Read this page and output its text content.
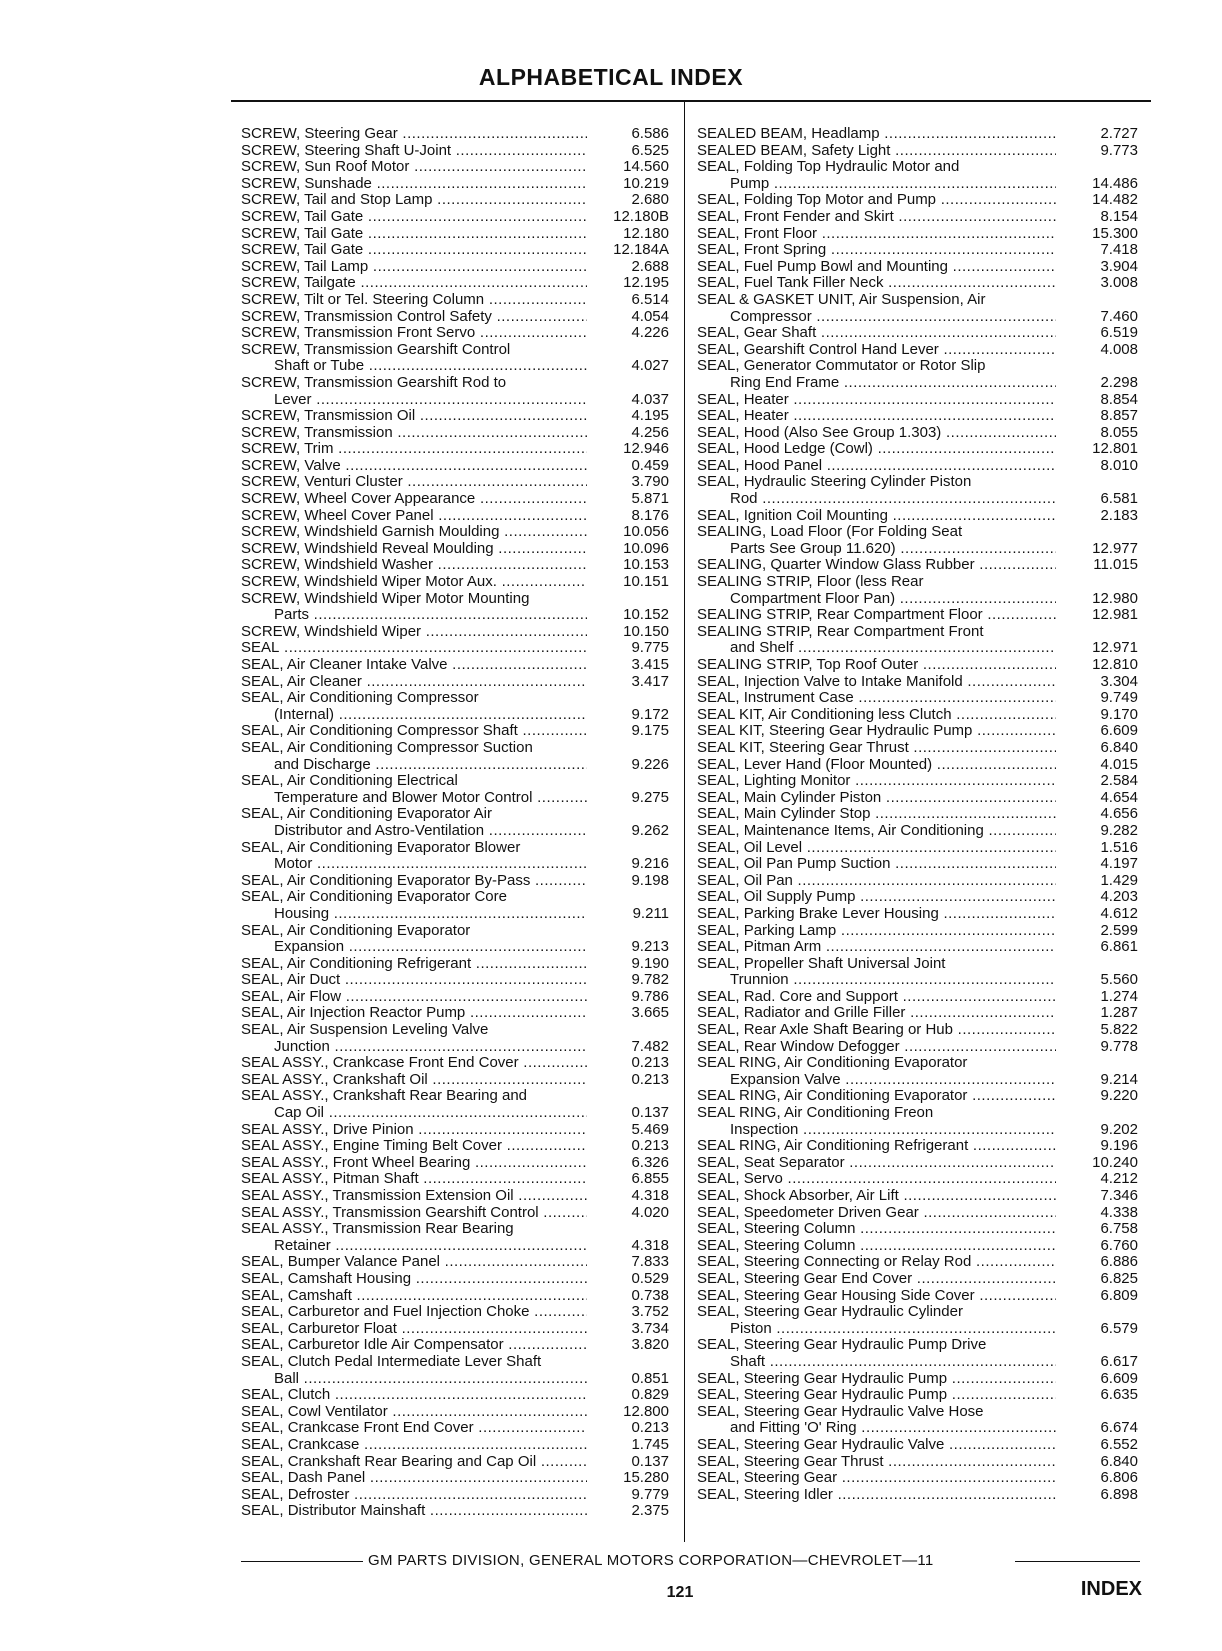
ALPHABETICAL INDEX
SCREW, Steering Gear .....	6.586
SCREW, Steering Shaft U-Joint .....	6.525
SCREW, Sun Roof Motor .....	14.560
SCREW, Sunshade .....	10.219
SCREW, Tail and Stop Lamp .....	2.680
SCREW, Tail Gate .....	12.180B
SCREW, Tail Gate .....	12.180
SCREW, Tail Gate .....	12.184A
SCREW, Tail Lamp .....	2.688
SCREW, Tailgate .....	12.195
SCREW, Tilt or Tel. Steering Column .....	6.514
SCREW, Transmission Control Safety .....	4.054
SCREW, Transmission Front Servo .....	4.226
SCREW, Transmission Gearshift Control
Shaft or Tube .....	4.027
SCREW, Transmission Gearshift Rod to
Lever .....	4.037
SCREW, Transmission Oil .....	4.195
SCREW, Transmission .....	4.256
SCREW, Trim .....	12.946
SCREW, Valve .....	0.459
SCREW, Venturi Cluster .....	3.790
SCREW, Wheel Cover Appearance .....	5.871
SCREW, Wheel Cover Panel .....	8.176
SCREW, Windshield Garnish Moulding .....	10.056
SCREW, Windshield Reveal Moulding .....	10.096
SCREW, Windshield Washer .....	10.153
SCREW, Windshield Wiper Motor Aux. .....	10.151
SCREW, Windshield Wiper Motor Mounting
Parts .....	10.152
SCREW, Windshield Wiper .....	10.150
SEAL .....	9.775
SEAL, Air Cleaner Intake Valve .....	3.415
SEAL, Air Cleaner .....	3.417
SEAL, Air Conditioning Compressor
(Internal) .....	9.172
SEAL, Air Conditioning Compressor Shaft .....	9.175
SEAL, Air Conditioning Compressor Suction
and Discharge .....	9.226
SEAL, Air Conditioning Electrical
Temperature and Blower Motor Control .....	9.275
SEAL, Air Conditioning Evaporator Air
Distributor and Astro-Ventilation .....	9.262
SEAL, Air Conditioning Evaporator Blower
Motor .....	9.216
SEAL, Air Conditioning Evaporator By-Pass .....	9.198
SEAL, Air Conditioning Evaporator Core
Housing .....	9.211
SEAL, Air Conditioning Evaporator
Expansion .....	9.213
SEAL, Air Conditioning Refrigerant .....	9.190
SEAL, Air Duct .....	9.782
SEAL, Air Flow .....	9.786
SEAL, Air Injection Reactor Pump .....	3.665
SEAL, Air Suspension Leveling Valve
Junction .....	7.482
SEAL ASSY., Crankcase Front End Cover .....	0.213
SEAL ASSY., Crankshaft Oil .....	0.213
SEAL ASSY., Crankshaft Rear Bearing and
Cap Oil .....	0.137
SEAL ASSY., Drive Pinion .....	5.469
SEAL ASSY., Engine Timing Belt Cover .....	0.213
SEAL ASSY., Front Wheel Bearing .....	6.326
SEAL ASSY., Pitman Shaft .....	6.855
SEAL ASSY., Transmission Extension Oil .....	4.318
SEAL ASSY., Transmission Gearshift Control .....	4.020
SEAL ASSY., Transmission Rear Bearing
Retainer .....	4.318
SEAL, Bumper Valance Panel .....	7.833
SEAL, Camshaft Housing .....	0.529
SEAL, Camshaft .....	0.738
SEAL, Carburetor and Fuel Injection Choke .....	3.752
SEAL, Carburetor Float .....	3.734
SEAL, Carburetor Idle Air Compensator .....	3.820
SEAL, Clutch Pedal Intermediate Lever Shaft
Ball .....	0.851
SEAL, Clutch .....	0.829
SEAL, Cowl Ventilator .....	12.800
SEAL, Crankcase Front End Cover .....	0.213
SEAL, Crankcase .....	1.745
SEAL, Crankshaft Rear Bearing and Cap Oil .....	0.137
SEAL, Dash Panel .....	15.280
SEAL, Defroster .....	9.779
SEAL, Distributor Mainshaft .....	2.375
SEALED BEAM, Headlamp .....	2.727
SEALED BEAM, Safety Light .....	9.773
SEAL, Folding Top Hydraulic Motor and
Pump .....	14.486
SEAL, Folding Top Motor and Pump .....	14.482
SEAL, Front Fender and Skirt .....	8.154
SEAL, Front Floor .....	15.300
SEAL, Front Spring .....	7.418
SEAL, Fuel Pump Bowl and Mounting .....	3.904
SEAL, Fuel Tank Filler Neck .....	3.008
SEAL & GASKET UNIT, Air Suspension, Air
Compressor .....	7.460
SEAL, Gear Shaft .....	6.519
SEAL, Gearshift Control Hand Lever .....	4.008
SEAL, Generator Commutator or Rotor Slip
Ring End Frame .....	2.298
SEAL, Heater .....	8.854
SEAL, Heater .....	8.857
SEAL, Hood (Also See Group 1.303) .....	8.055
SEAL, Hood Ledge (Cowl) .....	12.801
SEAL, Hood Panel .....	8.010
SEAL, Hydraulic Steering Cylinder Piston
Rod .....	6.581
SEAL, Ignition Coil Mounting .....	2.183
SEALING, Load Floor (For Folding Seat
Parts See Group 11.620) .....	12.977
SEALING, Quarter Window Glass Rubber .....	11.015
SEALING STRIP, Floor (less Rear
Compartment Floor Pan) .....	12.980
SEALING STRIP, Rear Compartment Floor .....	12.981
SEALING STRIP, Rear Compartment Front
and Shelf .....	12.971
SEALING STRIP, Top Roof Outer .....	12.810
SEAL, Injection Valve to Intake Manifold .....	3.304
SEAL, Instrument Case .....	9.749
SEAL KIT, Air Conditioning less Clutch .....	9.170
SEAL KIT, Steering Gear Hydraulic Pump .....	6.609
SEAL KIT, Steering Gear Thrust .....	6.840
SEAL, Lever Hand (Floor Mounted) .....	4.015
SEAL, Lighting Monitor .....	2.584
SEAL, Main Cylinder Piston .....	4.654
SEAL, Main Cylinder Stop .....	4.656
SEAL, Maintenance Items, Air Conditioning .....	9.282
SEAL, Oil Level .....	1.516
SEAL, Oil Pan Pump Suction .....	4.197
SEAL, Oil Pan .....	1.429
SEAL, Oil Supply Pump .....	4.203
SEAL, Parking Brake Lever Housing .....	4.612
SEAL, Parking Lamp .....	2.599
SEAL, Pitman Arm .....	6.861
SEAL, Propeller Shaft Universal Joint
Trunnion .....	5.560
SEAL, Rad. Core and Support .....	1.274
SEAL, Radiator and Grille Filler .....	1.287
SEAL, Rear Axle Shaft Bearing or Hub .....	5.822
SEAL, Rear Window Defogger .....	9.778
SEAL RING, Air Conditioning Evaporator
Expansion Valve .....	9.214
SEAL RING, Air Conditioning Evaporator .....	9.220
SEAL RING, Air Conditioning Freon
Inspection .....	9.202
SEAL RING, Air Conditioning Refrigerant .....	9.196
SEAL, Seat Separator .....	10.240
SEAL, Servo .....	4.212
SEAL, Shock Absorber, Air Lift .....	7.346
SEAL, Speedometer Driven Gear .....	4.338
SEAL, Steering Column .....	6.758
SEAL, Steering Column .....	6.760
SEAL, Steering Connecting or Relay Rod .....	6.886
SEAL, Steering Gear End Cover .....	6.825
SEAL, Steering Gear Housing Side Cover .....	6.809
SEAL, Steering Gear Hydraulic Cylinder
Piston .....	6.579
SEAL, Steering Gear Hydraulic Pump Drive
Shaft .....	6.617
SEAL, Steering Gear Hydraulic Pump .....	6.609
SEAL, Steering Gear Hydraulic Pump .....	6.635
SEAL, Steering Gear Hydraulic Valve Hose
and Fitting 'O' Ring .....	6.674
SEAL, Steering Gear Hydraulic Valve .....	6.552
SEAL, Steering Gear Thrust .....	6.840
SEAL, Steering Gear .....	6.806
SEAL, Steering Idler .....	6.898
GM PARTS DIVISION, GENERAL MOTORS CORPORATION—CHEVROLET—11
121	INDEX
